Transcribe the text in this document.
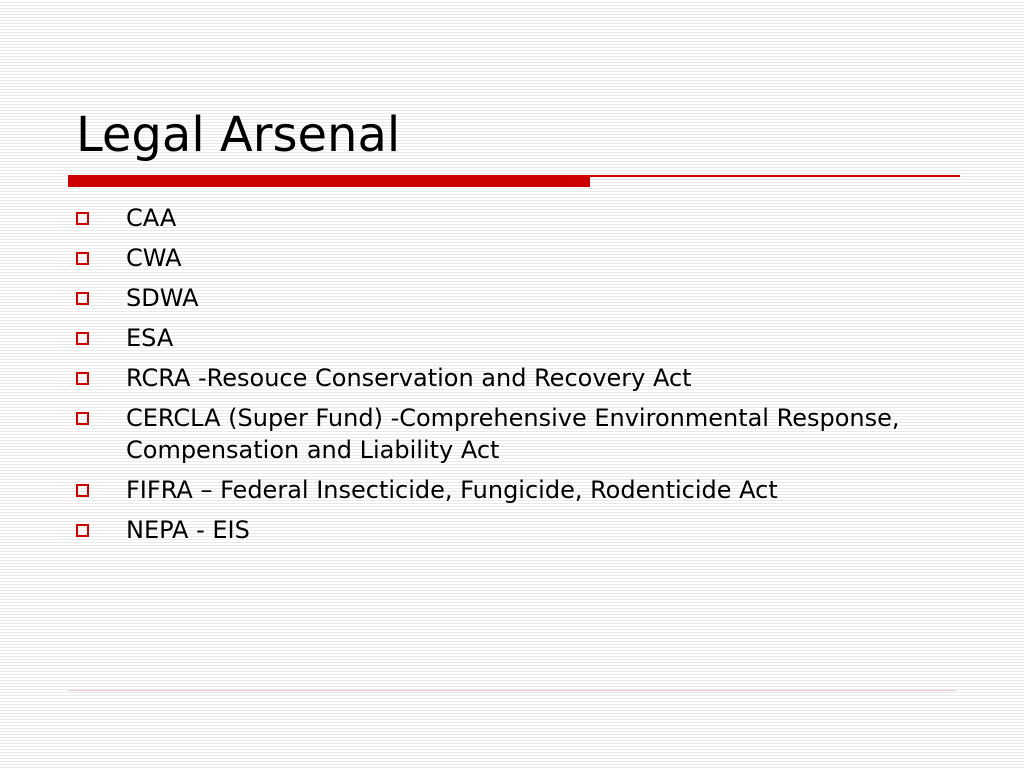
Legal Arsenal
CAA
CWA
SDWA
ESA
RCRA -Resouce Conservation and Recovery Act
CERCLA (Super Fund) -Comprehensive Environmental Response, Compensation and Liability Act
FIFRA – Federal Insecticide, Fungicide, Rodenticide Act
NEPA - EIS
